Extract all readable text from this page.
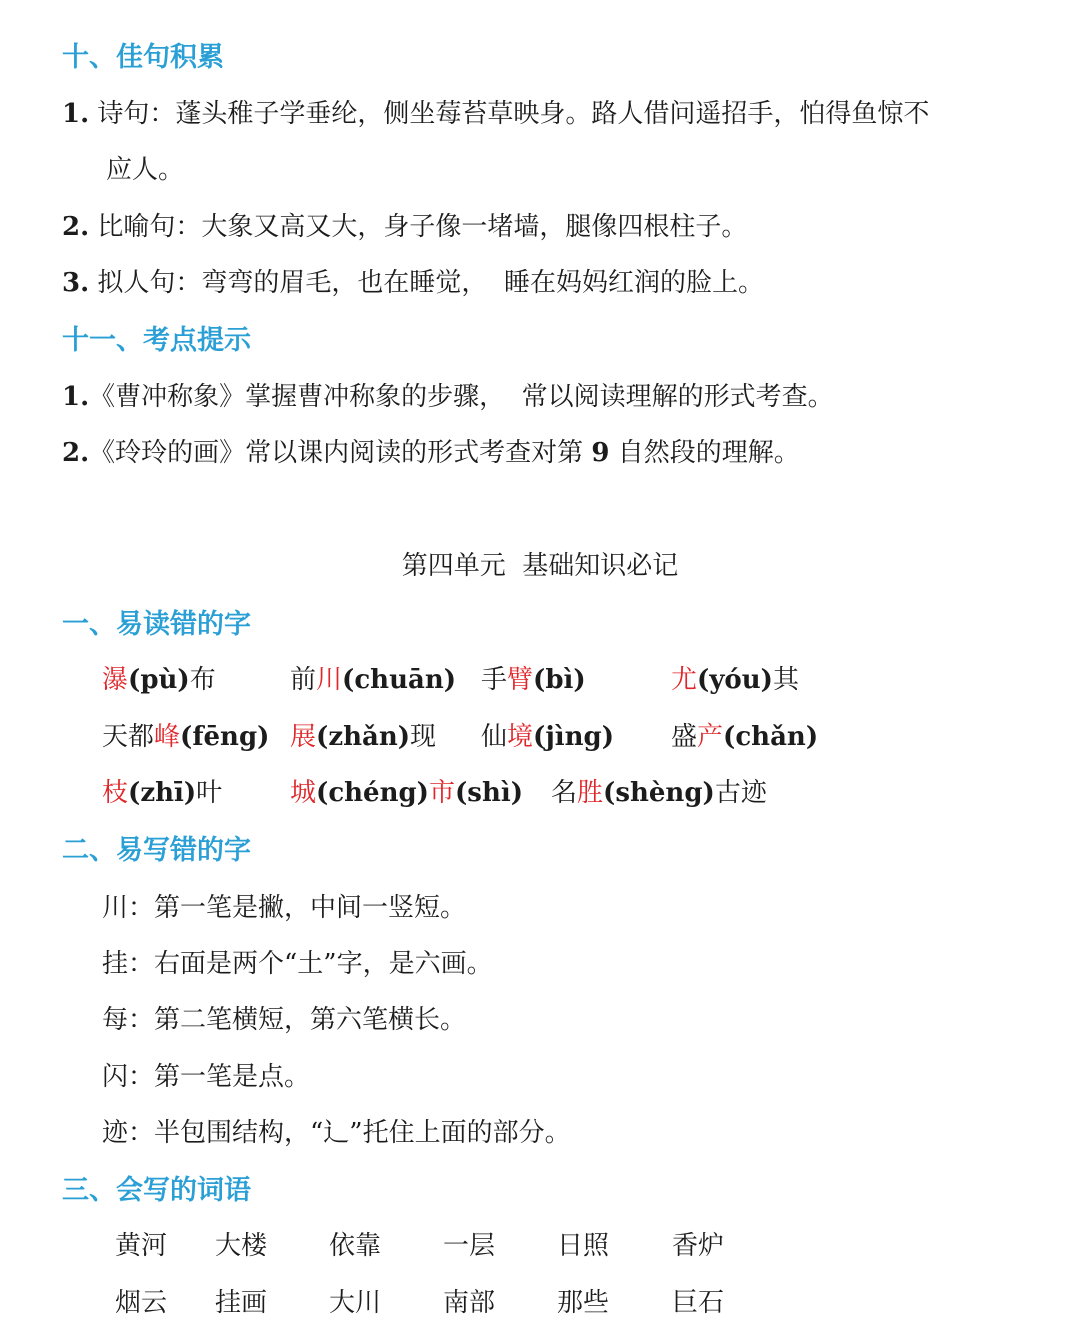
十、佳句积累
1. 诗句：蓬头稚子学垂纶，侧坐莓苔草映身。路人借问遥招手，怕得鱼惊不
应人。
2. 比喻句：大象又高又大，身子像一堵墙，腿像四根柱子。
3. 拟人句：弯弯的眉毛，也在睡觉，  睡在妈妈红润的脸上。
十一、考点提示
1.《曹冲称象》掌握曹冲称象的步骤，  常以阅读理解的形式考查。
2.《玲玲的画》常以课内阅读的形式考查对第 9 自然段的理解。
第四单元  基础知识必记
一、易读错的字
瀑(pù)布	前川(chuān) 手臂(bì)	尤(yóu)其
天都峰(fēng) 展(zhǎn)现 仙境(jìng) 盛产(chǎn)
枝(zhī)叶	城(chéng)市(shì) 名胜(shèng)古迹
二、易写错的字
川：第一笔是撇，中间一竖短。
挂：右面是两个“土”字，是六画。
每：第二笔横短，第六笔横长。
闪：第一笔是点。
迹：半包围结构，“辶”托住上面的部分。
三、会写的词语
黄河 大楼 依靠 一层 日照 香炉
烟云 挂画 大川 南部 那些 巨石
